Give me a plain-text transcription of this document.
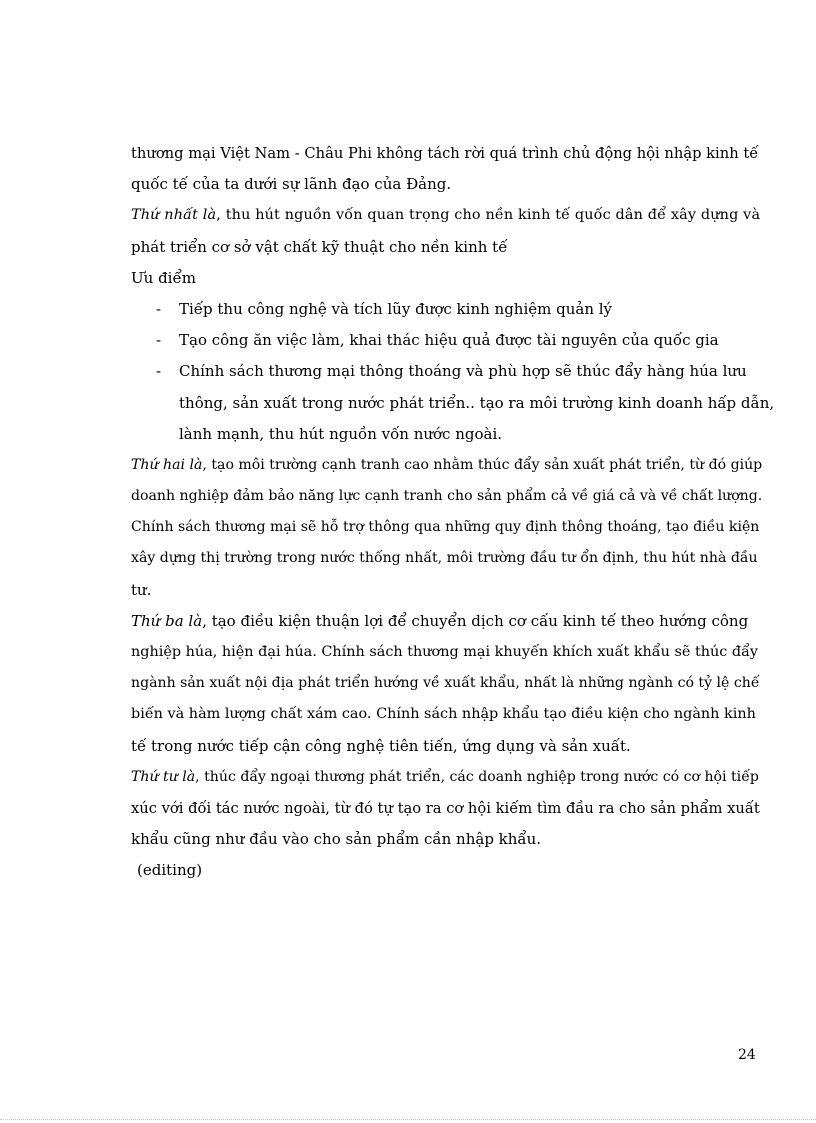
thương mại Việt Nam - Châu Phi không tách rời quá trình chủ động hội nhập kinh tế
quốc tế của ta dưới sự lãnh đạo của Đảng.
Thứ nhất là, thu hút nguồn vốn quan trọng cho nền kinh tế quốc dân để xây dựng và
phát triển cơ sở vật chất kỹ thuật cho nền kinh tế
Ưu điểm
-	Tiếp thu công nghệ và tích lũy được kinh nghiệm quản lý
-	Tạo công ăn việc làm, khai thác hiệu quả được tài nguyên của quốc gia
-	Chính sách thương mại thông thoáng và phù hợp sẽ thúc đẩy hàng húa lưu
thông, sản xuất trong nước phát triển.. tạo ra môi trường kinh doanh hấp dẫn,
lành mạnh, thu hút nguồn vốn nước ngoài.
Thứ hai là, tạo môi trường cạnh tranh cao nhằm thúc đẩy sản xuất phát triển, từ đó giúp
doanh nghiệp đảm bảo năng lực cạnh tranh cho sản phẩm cả về giá cả và về chất lượng.
Chính sách thương mại sẽ hỗ trợ thông qua những quy định thông thoáng, tạo điều kiện
xây dựng thị trường trong nước thống nhất, môi trường đầu tư ổn định, thu hút nhà đầu
tư.
Thứ ba là, tạo điều kiện thuận lợi để chuyển dịch cơ cấu kinh tế theo hướng công
nghiệp húa, hiện đại húa. Chính sách thương mại khuyến khích xuất khẩu sẽ thúc đẩy
ngành sản xuất nội địa phát triển hướng về xuất khẩu, nhất là những ngành có tỷ lệ chế
biến và hàm lượng chất xám cao. Chính sách nhập khẩu tạo điều kiện cho ngành kinh
tế trong nước tiếp cận công nghệ tiên tiến, ứng dụng và sản xuất.
Thứ tư là, thúc đẩy ngoại thương phát triển, các doanh nghiệp trong nước có cơ hội tiếp
xúc với đối tác nước ngoài, từ đó tự tạo ra cơ hội kiếm tìm đầu ra cho sản phẩm xuất
khẩu cũng như đầu vào cho sản phẩm cần nhập khẩu.
(editing)
24
